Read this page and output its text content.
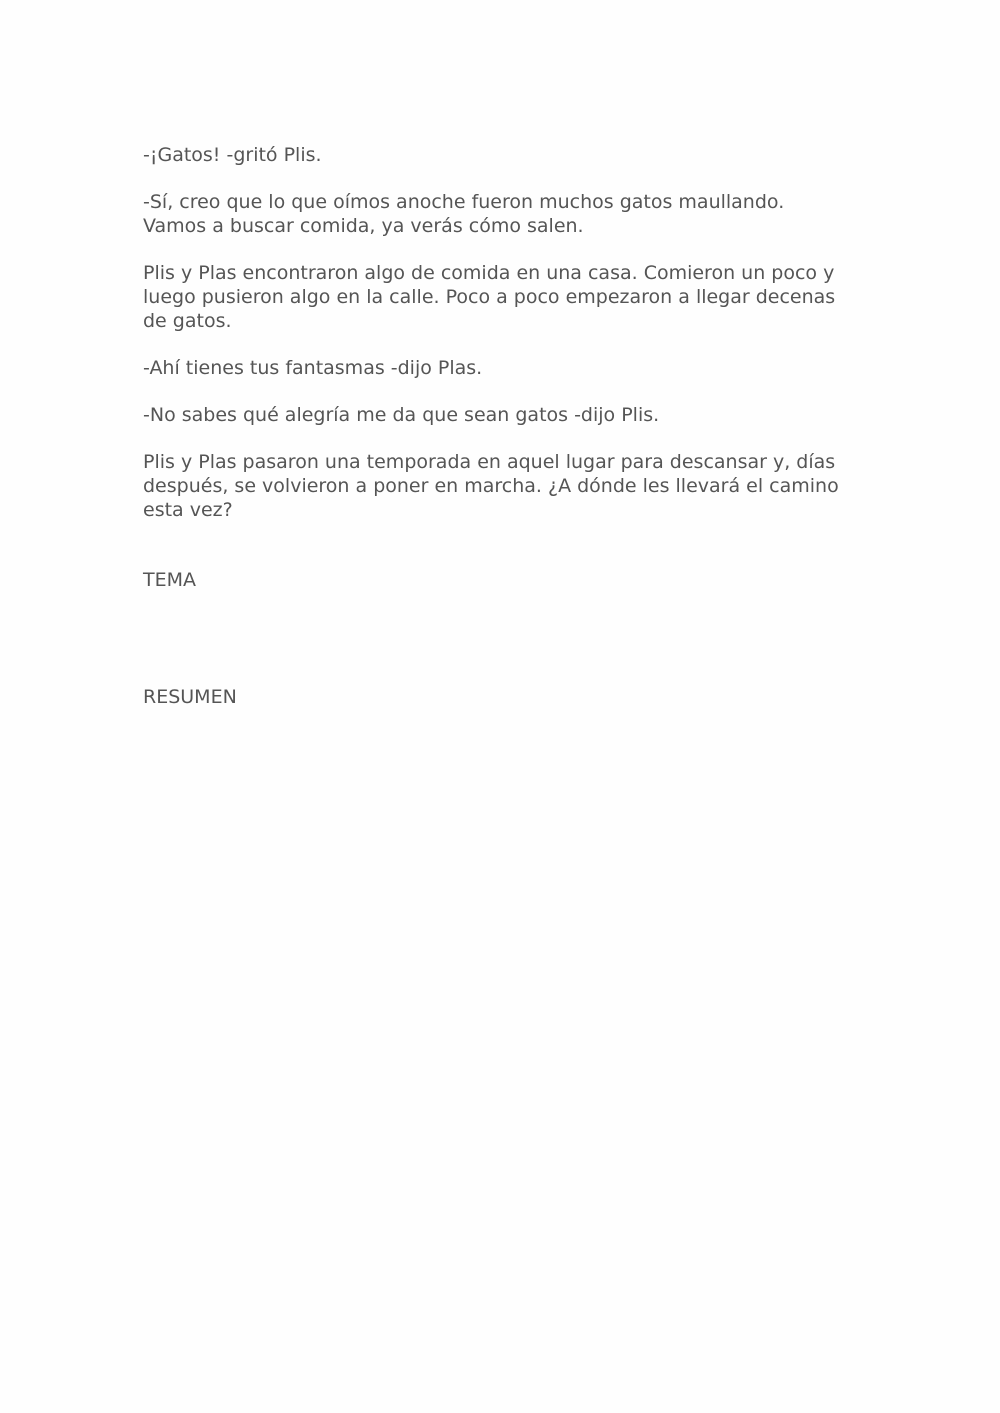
-¡Gatos! -gritó Plis.

-Sí, creo que lo que oímos anoche fueron muchos gatos maullando.
Vamos a buscar comida, ya verás cómo salen.

Plis y Plas encontraron algo de comida en una casa. Comieron un poco y
luego pusieron algo en la calle. Poco a poco empezaron a llegar decenas
de gatos.

-Ahí tienes tus fantasmas -dijo Plas.

-No sabes qué alegría me da que sean gatos -dijo Plis.

Plis y Plas pasaron una temporada en aquel lugar para descansar y, días
después, se volvieron a poner en marcha. ¿A dónde les llevará el camino
esta vez?

TEMA

RESUMEN
